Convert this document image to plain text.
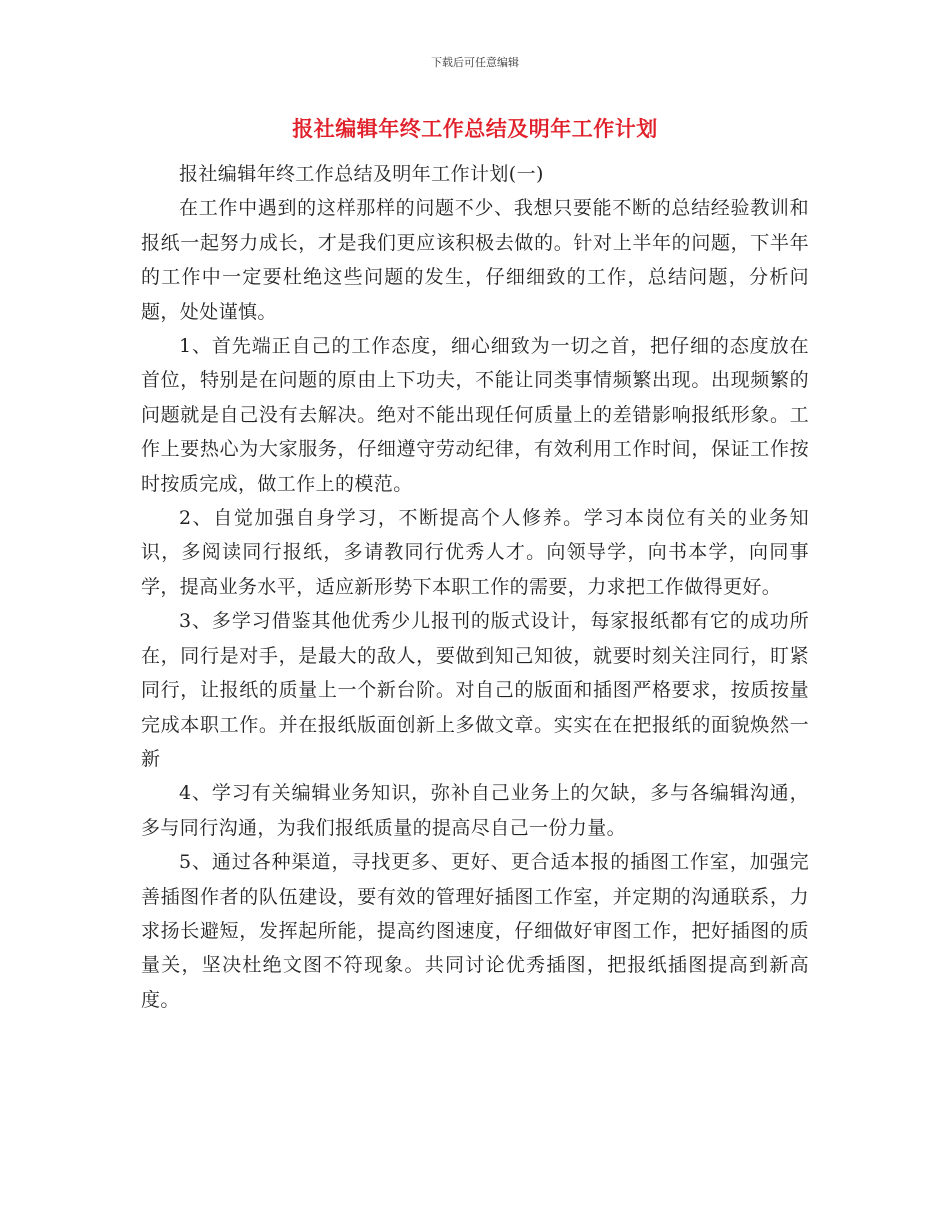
下载后可任意编辑
报社编辑年终工作总结及明年工作计划

报社编辑年终工作总结及明年工作计划(一)

在工作中遇到的这样那样的问题不少、我想只要能不断的总结经验教训和报纸一起努力成长，才是我们更应该积极去做的。针对上半年的问题，下半年的工作中一定要杜绝这些问题的发生，仔细细致的工作，总结问题，分析问题，处处谨慎。

1、首先端正自己的工作态度，细心细致为一切之首，把仔细的态度放在首位，特别是在问题的原由上下功夫，不能让同类事情频繁出现。出现频繁的问题就是自己没有去解决。绝对不能出现任何质量上的差错影响报纸形象。工作上要热心为大家服务，仔细遵守劳动纪律，有效利用工作时间，保证工作按时按质完成，做工作上的模范。

2、自觉加强自身学习，不断提高个人修养。学习本岗位有关的业务知识，多阅读同行报纸，多请教同行优秀人才。向领导学，向书本学，向同事学，提高业务水平，适应新形势下本职工作的需要，力求把工作做得更好。

3、多学习借鉴其他优秀少儿报刊的版式设计，每家报纸都有它的成功所在，同行是对手，是最大的敌人，要做到知己知彼，就要时刻关注同行，盯紧同行，让报纸的质量上一个新台阶。对自己的版面和插图严格要求，按质按量完成本职工作。并在报纸版面创新上多做文章。实实在在把报纸的面貌焕然一新

4、学习有关编辑业务知识，弥补自己业务上的欠缺，多与各编辑沟通，多与同行沟通，为我们报纸质量的提高尽自己一份力量。

5、通过各种渠道，寻找更多、更好、更合适本报的插图工作室，加强完善插图作者的队伍建设，要有效的管理好插图工作室，并定期的沟通联系，力求扬长避短，发挥起所能，提高约图速度，仔细做好审图工作，把好插图的质量关，坚决杜绝文图不符现象。共同讨论优秀插图，把报纸插图提高到新高度。
